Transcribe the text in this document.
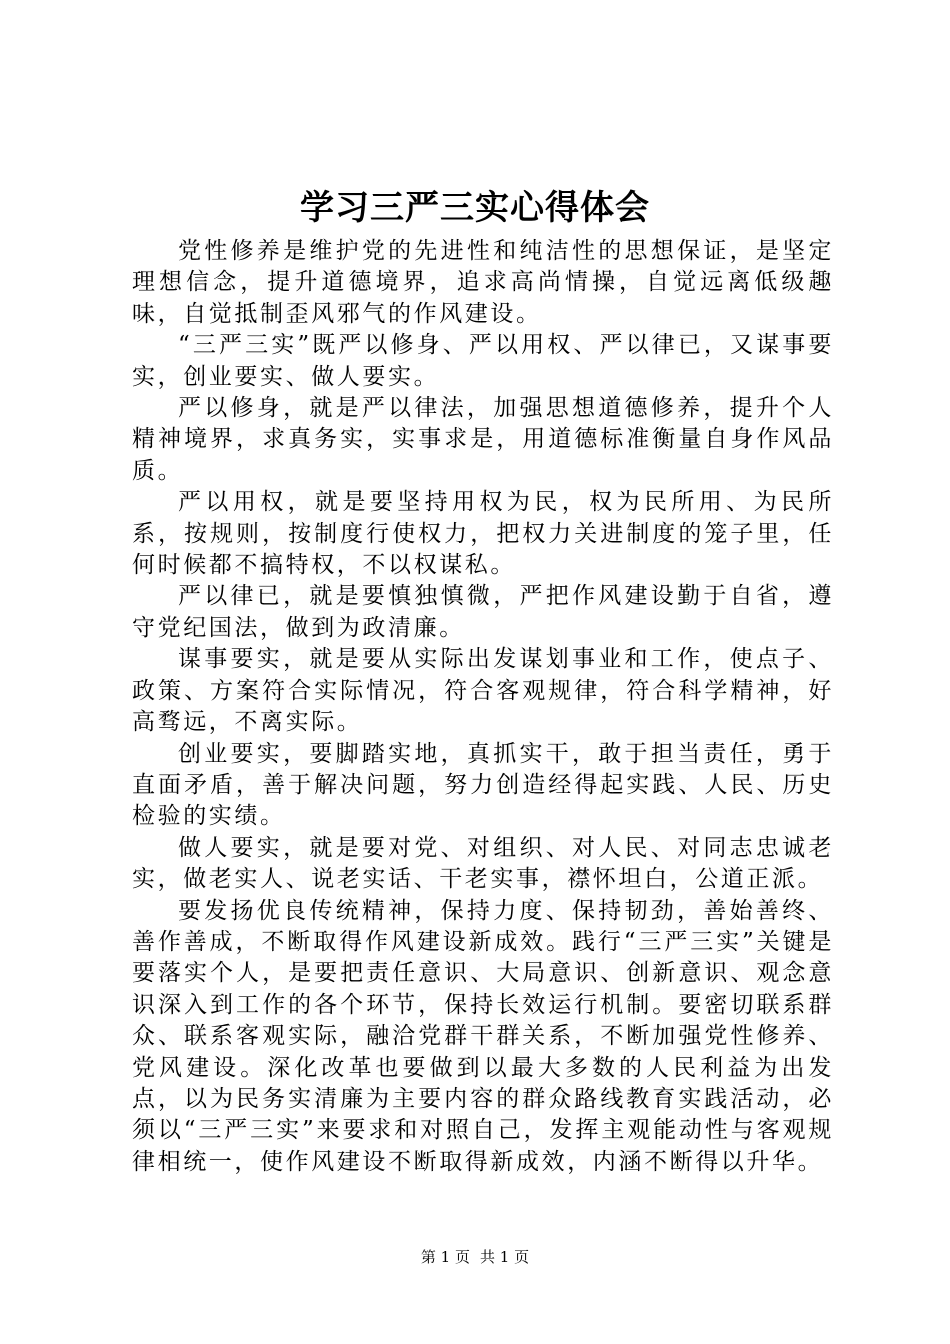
学习三严三实心得体会

党性修养是维护党的先进性和纯洁性的思想保证，是坚定理想信念，提升道德境界，追求高尚情操，自觉远离低级趣味，自觉抵制歪风邪气的作风建设。

“三严三实”既严以修身、严以用权、严以律已，又谋事要实，创业要实、做人要实。

严以修身，就是严以律法，加强思想道德修养，提升个人精神境界，求真务实，实事求是，用道德标准衡量自身作风品质。

严以用权，就是要坚持用权为民，权为民所用、为民所系，按规则，按制度行使权力，把权力关进制度的笼子里，任何时候都不搞特权，不以权谋私。

严以律已，就是要慎独慎微，严把作风建设勤于自省，遵守党纪国法，做到为政清廉。

谋事要实，就是要从实际出发谋划事业和工作，使点子、政策、方案符合实际情况，符合客观规律，符合科学精神，好高骛远，不离实际。

创业要实，要脚踏实地，真抓实干，敢于担当责任，勇于直面矛盾，善于解决问题，努力创造经得起实践、人民、历史检验的实绩。

做人要实，就是要对党、对组织、对人民、对同志忠诚老实，做老实人、说老实话、干老实事，襟怀坦白，公道正派。

要发扬优良传统精神，保持力度、保持韧劲，善始善终、善作善成，不断取得作风建设新成效。践行“三严三实”关键是要落实个人，是要把责任意识、大局意识、创新意识、观念意识深入到工作的各个环节，保持长效运行机制。要密切联系群众、联系客观实际，融洽党群干群关系，不断加强党性修养、党风建设。深化改革也要做到以最大多数的人民利益为出发点，以为民务实清廉为主要内容的群众路线教育实践活动，必须以“三严三实”来要求和对照自己，发挥主观能动性与客观规律相统一，使作风建设不断取得新成效，内涵不断得以升华。

第 1 页 共 1 页
